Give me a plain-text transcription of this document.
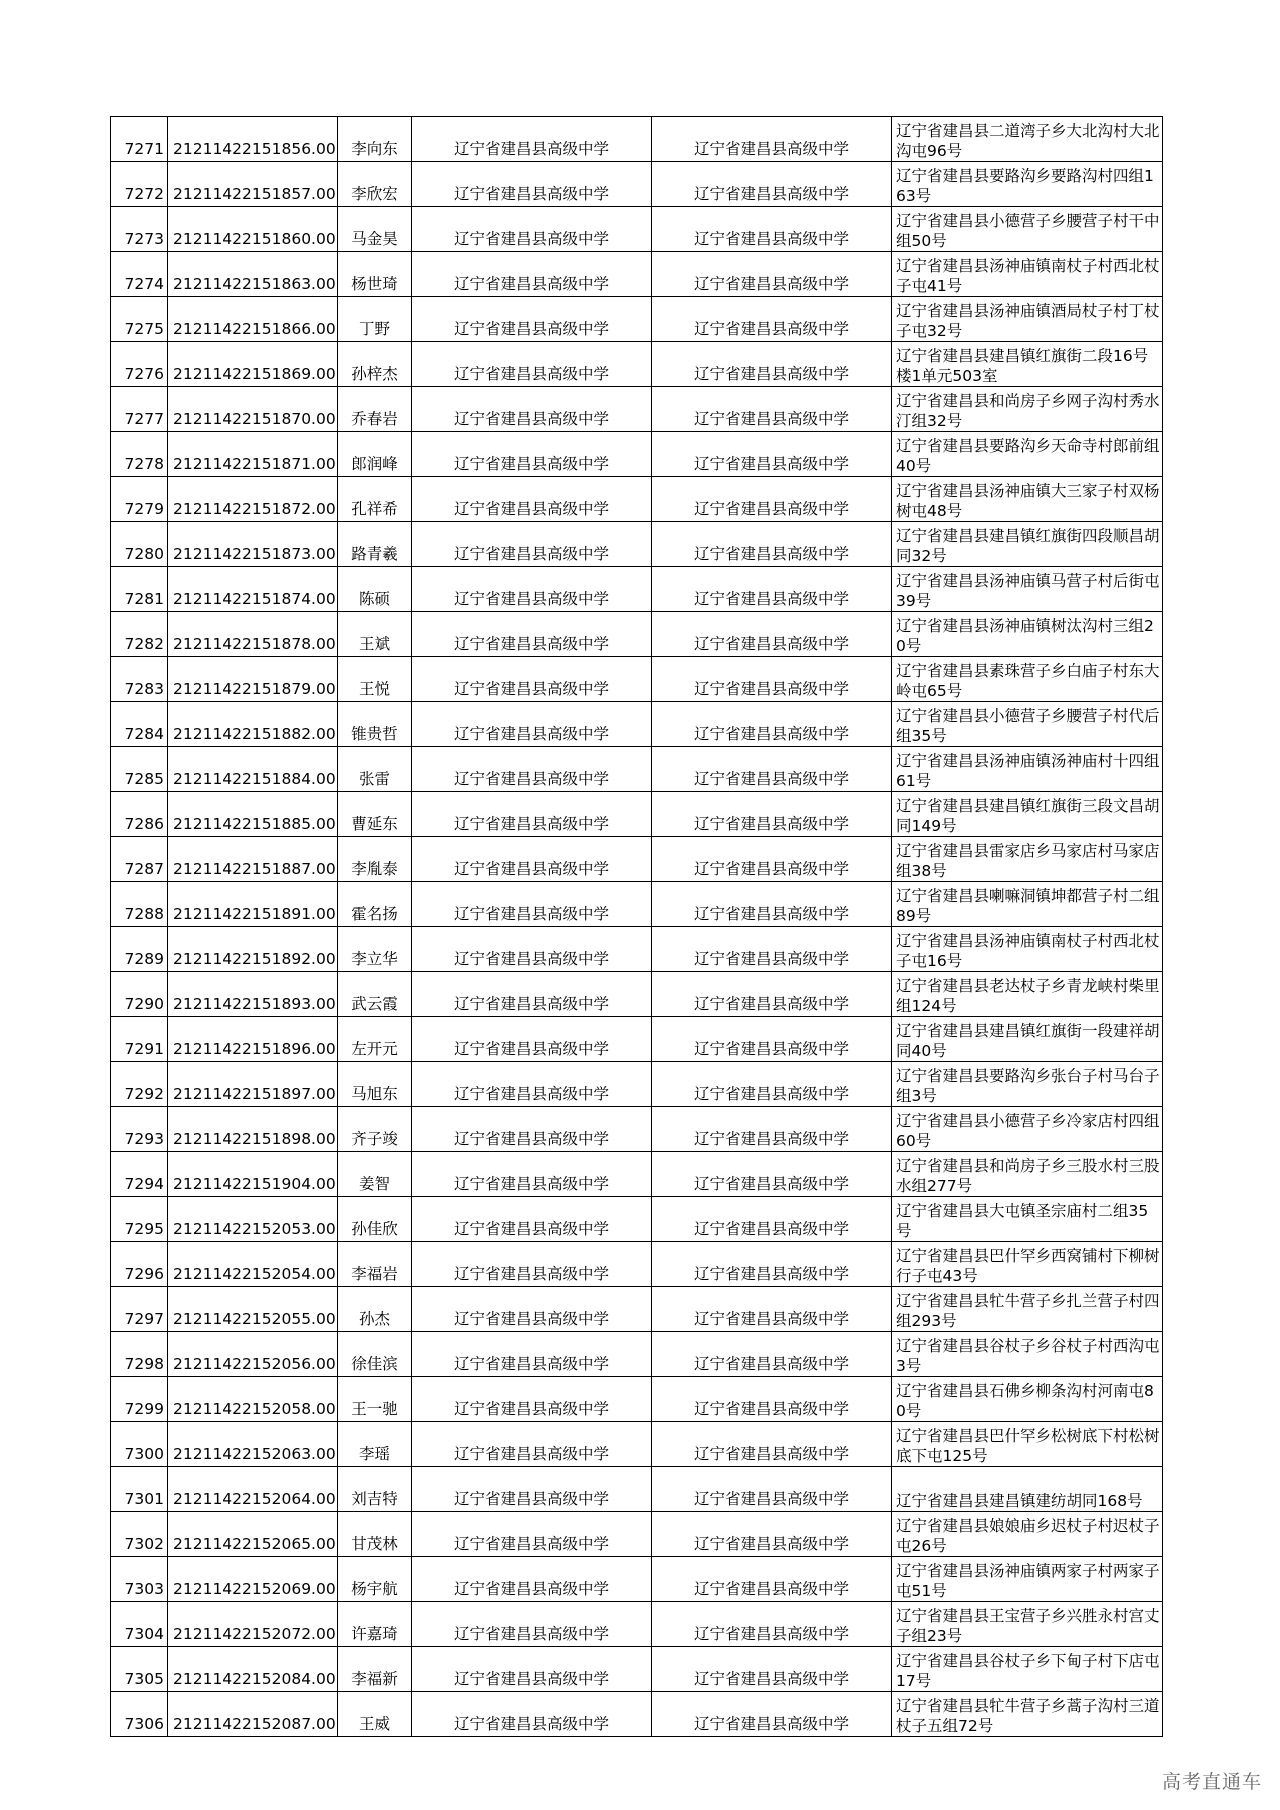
7271	21211422151856.00	李向东	辽宁省建昌县高级中学	辽宁省建昌县高级中学	辽宁省建昌县二道湾子乡大北沟村大北沟屯96号

7272	21211422151857.00	李欣宏	辽宁省建昌县高级中学	辽宁省建昌县高级中学	辽宁省建昌县要路沟乡要路沟村四组163号

7273	21211422151860.00	马金昊	辽宁省建昌县高级中学	辽宁省建昌县高级中学	辽宁省建昌县小德营子乡腰营子村干中组50号

7274	21211422151863.00	杨世琦	辽宁省建昌县高级中学	辽宁省建昌县高级中学	辽宁省建昌县汤神庙镇南杖子村西北杖子屯41号

7275	21211422151866.00	丁野	辽宁省建昌县高级中学	辽宁省建昌县高级中学	辽宁省建昌县汤神庙镇酒局杖子村丁杖子屯32号

7276	21211422151869.00	孙梓杰	辽宁省建昌县高级中学	辽宁省建昌县高级中学	辽宁省建昌县建昌镇红旗街二段16号楼1单元503室

7277	21211422151870.00	乔春岩	辽宁省建昌县高级中学	辽宁省建昌县高级中学	辽宁省建昌县和尚房子乡网子沟村秀水汀组32号

7278	21211422151871.00	郎润峰	辽宁省建昌县高级中学	辽宁省建昌县高级中学	辽宁省建昌县要路沟乡天命寺村郎前组40号

7279	21211422151872.00	孔祥希	辽宁省建昌县高级中学	辽宁省建昌县高级中学	辽宁省建昌县汤神庙镇大三家子村双杨树屯48号

7280	21211422151873.00	路青羲	辽宁省建昌县高级中学	辽宁省建昌县高级中学	辽宁省建昌县建昌镇红旗街四段顺昌胡同32号

7281	21211422151874.00	陈硕	辽宁省建昌县高级中学	辽宁省建昌县高级中学	辽宁省建昌县汤神庙镇马营子村后街屯39号

7282	21211422151878.00	王斌	辽宁省建昌县高级中学	辽宁省建昌县高级中学	辽宁省建昌县汤神庙镇树汰沟村三组20号

7283	21211422151879.00	王悦	辽宁省建昌县高级中学	辽宁省建昌县高级中学	辽宁省建昌县素珠营子乡白庙子村东大岭屯65号

7284	21211422151882.00	锥贵哲	辽宁省建昌县高级中学	辽宁省建昌县高级中学	辽宁省建昌县小德营子乡腰营子村代后组35号

7285	21211422151884.00	张雷	辽宁省建昌县高级中学	辽宁省建昌县高级中学	辽宁省建昌县汤神庙镇汤神庙村十四组61号

7286	21211422151885.00	曹延东	辽宁省建昌县高级中学	辽宁省建昌县高级中学	辽宁省建昌县建昌镇红旗街三段文昌胡同149号

7287	21211422151887.00	李胤泰	辽宁省建昌县高级中学	辽宁省建昌县高级中学	辽宁省建昌县雷家店乡马家店村马家店组38号

7288	21211422151891.00	霍名扬	辽宁省建昌县高级中学	辽宁省建昌县高级中学	辽宁省建昌县喇嘛洞镇坤都营子村二组89号

7289	21211422151892.00	李立华	辽宁省建昌县高级中学	辽宁省建昌县高级中学	辽宁省建昌县汤神庙镇南杖子村西北杖子屯16号

7290	21211422151893.00	武云霞	辽宁省建昌县高级中学	辽宁省建昌县高级中学	辽宁省建昌县老达杖子乡青龙峡村柴里组124号

7291	21211422151896.00	左开元	辽宁省建昌县高级中学	辽宁省建昌县高级中学	辽宁省建昌县建昌镇红旗街一段建祥胡同40号

7292	21211422151897.00	马旭东	辽宁省建昌县高级中学	辽宁省建昌县高级中学	辽宁省建昌县要路沟乡张台子村马台子组3号

7293	21211422151898.00	齐子竣	辽宁省建昌县高级中学	辽宁省建昌县高级中学	辽宁省建昌县小德营子乡冷家店村四组60号

7294	21211422151904.00	姜智	辽宁省建昌县高级中学	辽宁省建昌县高级中学	辽宁省建昌县和尚房子乡三股水村三股水组277号

7295	21211422152053.00	孙佳欣	辽宁省建昌县高级中学	辽宁省建昌县高级中学	辽宁省建昌县大屯镇圣宗庙村二组35号

7296	21211422152054.00	李福岩	辽宁省建昌县高级中学	辽宁省建昌县高级中学	辽宁省建昌县巴什罕乡西窝铺村下柳树行子屯43号

7297	21211422152055.00	孙杰	辽宁省建昌县高级中学	辽宁省建昌县高级中学	辽宁省建昌县牤牛营子乡扎兰营子村四组293号

7298	21211422152056.00	徐佳滨	辽宁省建昌县高级中学	辽宁省建昌县高级中学	辽宁省建昌县谷杖子乡谷杖子村西沟屯3号

7299	21211422152058.00	王一驰	辽宁省建昌县高级中学	辽宁省建昌县高级中学	辽宁省建昌县石佛乡柳条沟村河南屯80号

7300	21211422152063.00	李瑶	辽宁省建昌县高级中学	辽宁省建昌县高级中学	辽宁省建昌县巴什罕乡松树底下村松树底下屯125号

7301	21211422152064.00	刘吉特	辽宁省建昌县高级中学	辽宁省建昌县高级中学	辽宁省建昌县建昌镇建纺胡同168号

7302	21211422152065.00	甘茂林	辽宁省建昌县高级中学	辽宁省建昌县高级中学	辽宁省建昌县娘娘庙乡迟杖子村迟杖子屯26号

7303	21211422152069.00	杨宇航	辽宁省建昌县高级中学	辽宁省建昌县高级中学	辽宁省建昌县汤神庙镇两家子村两家子屯51号

7304	21211422152072.00	许嘉琦	辽宁省建昌县高级中学	辽宁省建昌县高级中学	辽宁省建昌县王宝营子乡兴胜永村宫丈子组23号

7305	21211422152084.00	李福新	辽宁省建昌县高级中学	辽宁省建昌县高级中学	辽宁省建昌县谷杖子乡下甸子村下店屯17号

7306	21211422152087.00	王威	辽宁省建昌县高级中学	辽宁省建昌县高级中学	辽宁省建昌县牤牛营子乡蒿子沟村三道杖子五组72号
高考直通车
